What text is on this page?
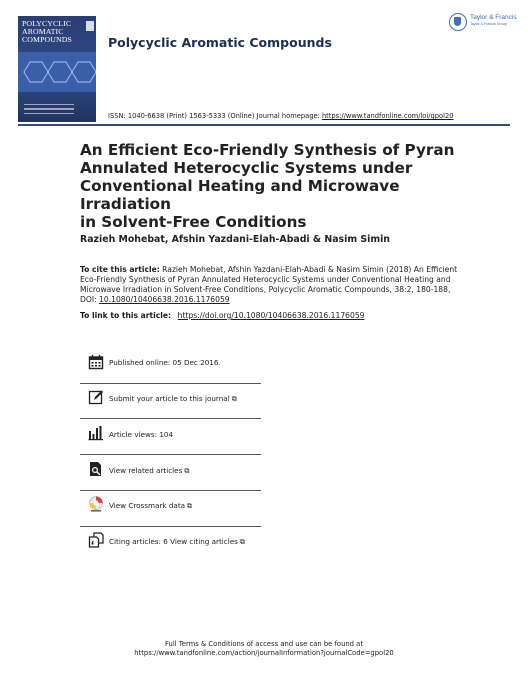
POLYCYCLIC
AROMATIC
COMPOUNDS	Polycyclic Aromatic Compounds
Taylor & Francis
Taylor & Francis Group
ISSN: 1040-6638 (Print) 1563-5333 (Online) Journal homepage: https://www.tandfonline.com/loi/gpol20
An Efficient Eco-Friendly Synthesis of Pyran
Annulated Heterocyclic Systems under
Conventional Heating and Microwave Irradiation
in Solvent-Free Conditions
Razieh Mohebat, Afshin Yazdani-Elah-Abadi & Nasim Simin
To cite this article: Razieh Mohebat, Afshin Yazdani-Elah-Abadi & Nasim Simin (2018) An Efficient
Eco-Friendly Synthesis of Pyran Annulated Heterocyclic Systems under Conventional Heating and
Microwave Irradiation in Solvent-Free Conditions, Polycyclic Aromatic Compounds, 38:2, 180-188,
DOI: 10.1080/10406638.2016.1176059
To link to this article: https://doi.org/10.1080/10406638.2016.1176059
Published online: 05 Dec 2016.
Submit your article to this journal ⧉
Article views: 104
View related articles ⧉
View Crossmark data ⧉
Citing articles: 6 View citing articles ⧉
Full Terms & Conditions of access and use can be found at
https://www.tandfonline.com/action/journalInformation?journalCode=gpol20
